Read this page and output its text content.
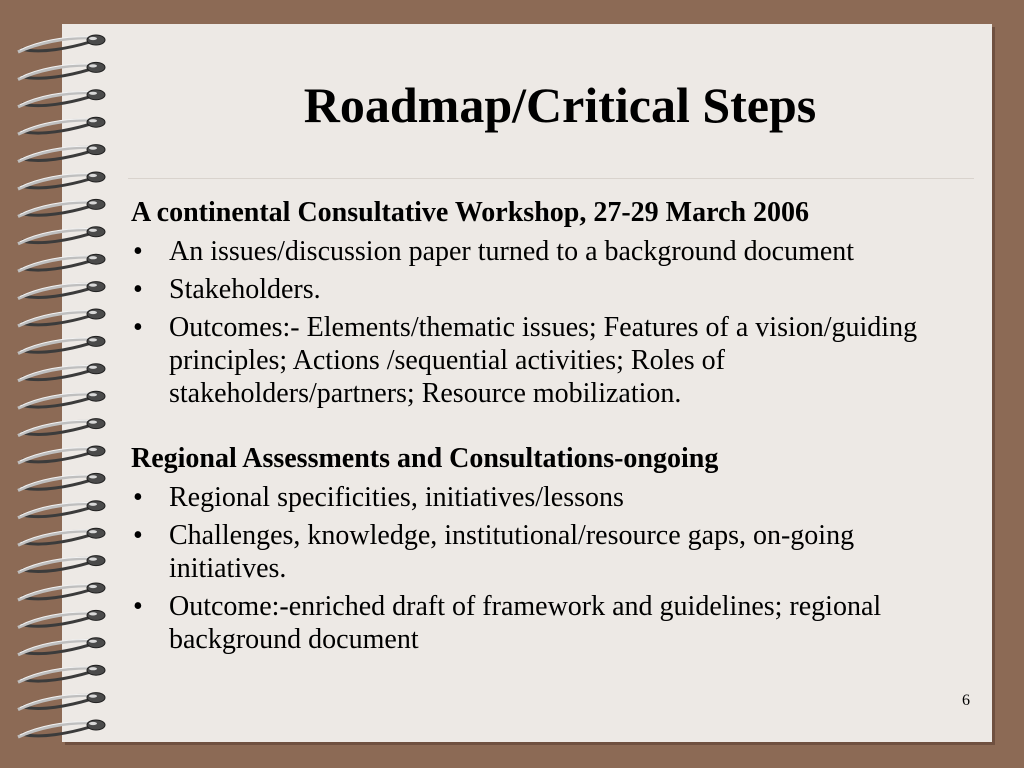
Roadmap/Critical Steps
A continental Consultative Workshop, 27-29 March 2006
• An issues/discussion paper turned to a background document
• Stakeholders.
• Outcomes:- Elements/thematic issues; Features of a vision/guiding principles; Actions /sequential activities; Roles of stakeholders/partners; Resource mobilization.
Regional Assessments and Consultations-ongoing
• Regional specificities, initiatives/lessons
• Challenges, knowledge, institutional/resource gaps, on-going initiatives.
• Outcome:-enriched draft of framework and guidelines; regional background document
6
